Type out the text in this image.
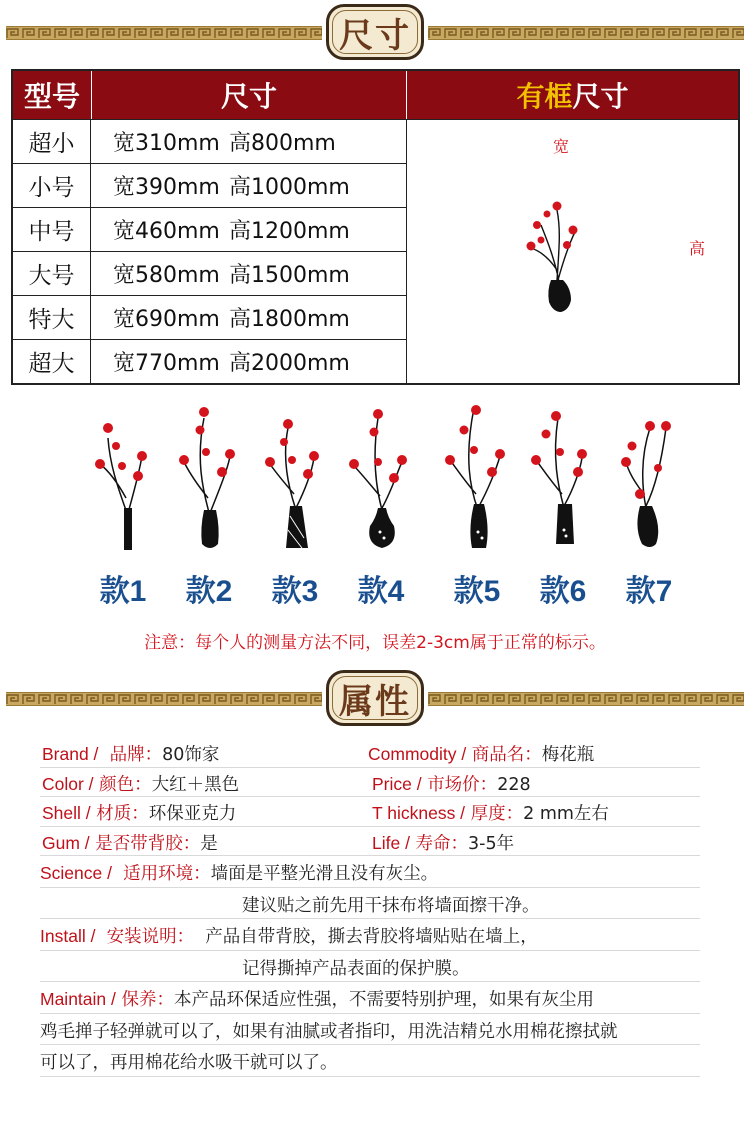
尺寸
型号	尺寸	有框 尺寸
超小	宽310mm 高800mm
小号	宽390mm 高1000mm
中号	宽460mm 高1200mm
大号	宽580mm 高1500mm
特大	宽690mm 高1800mm
超大	宽770mm 高2000mm
宽
高
款1	款2	款3	款4	款5	款6	款7
注意：每个人的测量方法不同，误差2-3cm属于正常的标示。
属性
Brand / 品牌：80饰家	Commodity / 商品名：梅花瓶
Color / 颜色：大红＋黑色	Price / 市场价：228
Shell / 材质：环保亚克力	T hickness / 厚度：2 mm左右
Gum / 是否带背胶：是	Life / 寿命：3-5年
Science / 适用环境：墙面是平整光滑且没有灰尘。
建议贴之前先用干抹布将墙面擦干净。
Install / 安装说明： 产品自带背胶，撕去背胶将墙贴贴在墙上，
记得撕掉产品表面的保护膜。
Maintain / 保养：本产品环保适应性强，不需要特别护理，如果有灰尘用
鸡毛掸子轻弹就可以了，如果有油腻或者指印，用洗洁精兑水用棉花擦拭就
可以了，再用棉花给水吸干就可以了。
